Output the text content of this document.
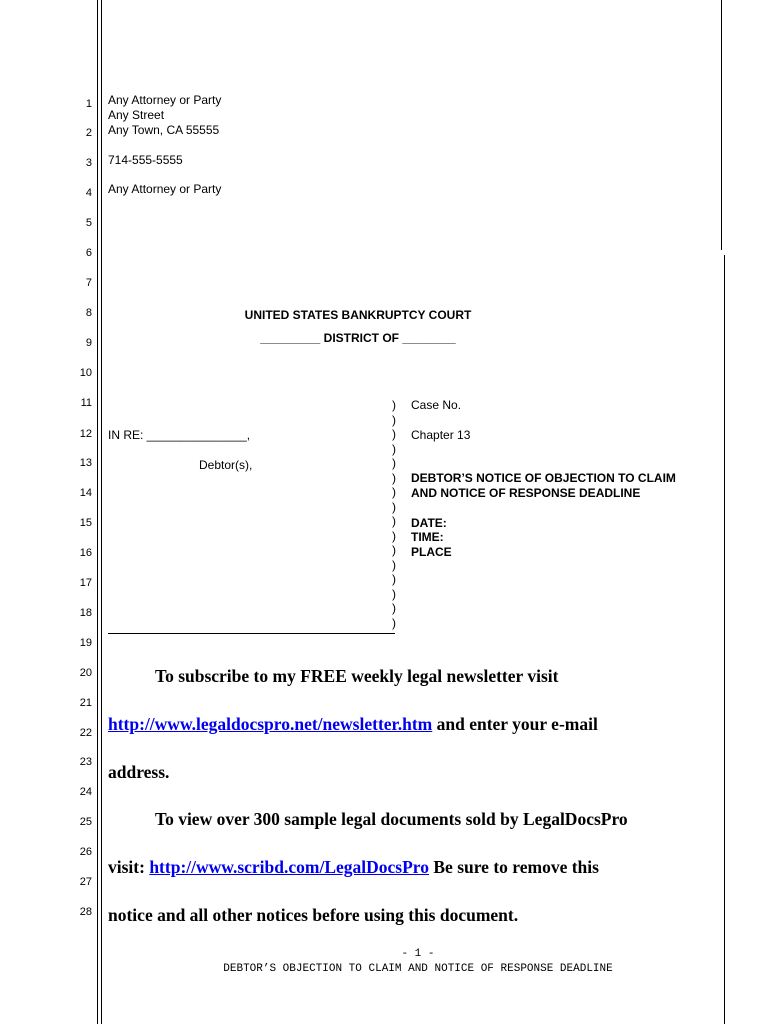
1
2
3
4
5
6
7
8
9
10
11
12
13
14
15
16
17
18
19
20
21
22
23
24
25
26
27
28
Any Attorney or Party
Any Street
Any Town, CA 55555
714-555-5555
Any Attorney or Party
UNITED STATES BANKRUPTCY COURT
_________ DISTRICT OF ________
IN RE: _______________,
Debtor(s),
)
)
)
)
)
)
)
)
)
)
)
)
)
)
)
)
Case No.
Chapter 13
DEBTOR’S NOTICE OF OBJECTION TO CLAIM
AND NOTICE OF RESPONSE DEADLINE
DATE:
TIME:
PLACE
To subscribe to my FREE weekly legal newsletter visit
http://www.legaldocspro.net/newsletter.htm and enter your e-mail
address.
To view over 300 sample legal documents sold by LegalDocsPro
visit: http://www.scribd.com/LegalDocsPro Be sure to remove this
notice and all other notices before using this document.
- 1 -
DEBTOR’S OBJECTION TO CLAIM AND NOTICE OF RESPONSE DEADLINE
